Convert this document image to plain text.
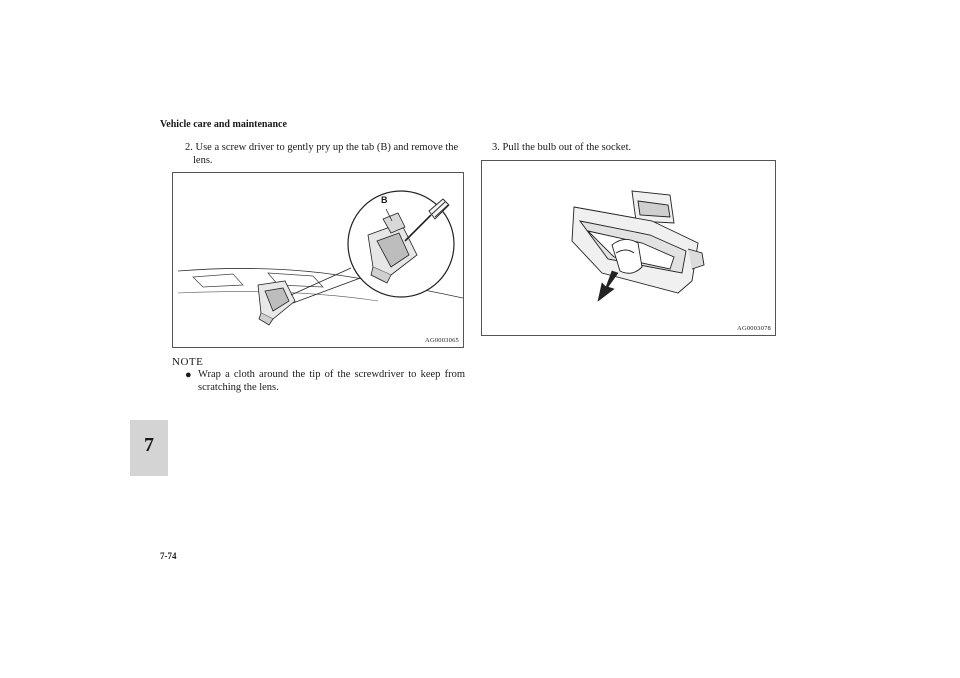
Vehicle care and maintenance
2. Use a screw driver to gently pry up the tab (B) and remove the lens.
3. Pull the bulb out of the socket.
B
AG0003065
AG0003078
NOTE
● Wrap a cloth around the tip of the screwdriver to keep from scratching the lens.
7
7-74
